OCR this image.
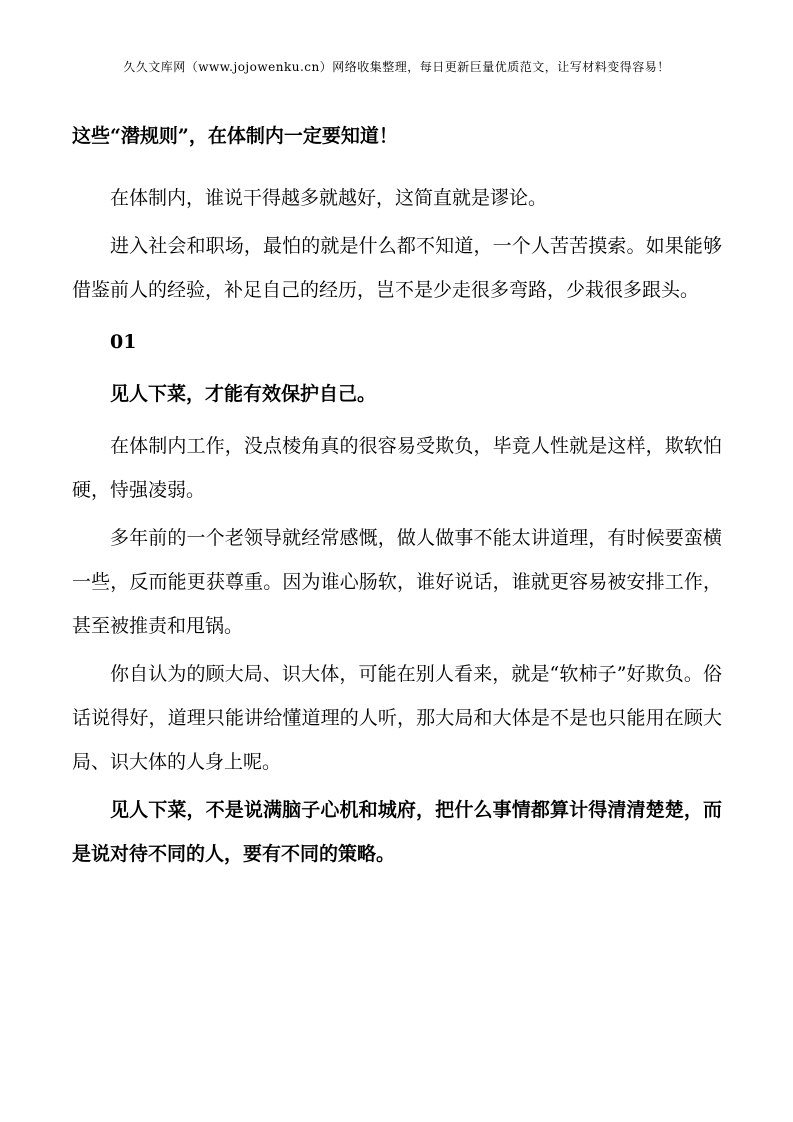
久久文库网（www.jojowenku.cn）网络收集整理，每日更新巨量优质范文，让写材料变得容易！
这些“潜规则”，在体制内一定要知道！

在体制内，谁说干得越多就越好，这简直就是谬论。

进入社会和职场，最怕的就是什么都不知道，一个人苦苦摸索。如果能够借鉴前人的经验，补足自己的经历，岂不是少走很多弯路，少栽很多跟头。

01
见人下菜，才能有效保护自己。

在体制内工作，没点棱角真的很容易受欺负，毕竟人性就是这样，欺软怕硬，恃强凌弱。

多年前的一个老领导就经常感慨，做人做事不能太讲道理，有时候要蛮横一些，反而能更获尊重。因为谁心肠软，谁好说话，谁就更容易被安排工作，甚至被推责和甩锅。

你自认为的顾大局、识大体，可能在别人看来，就是“软柿子”好欺负。俗话说得好，道理只能讲给懂道理的人听，那大局和大体是不是也只能用在顾大局、识大体的人身上呢。

见人下菜，不是说满脑子心机和城府，把什么事情都算计得清清楚楚，而是说对待不同的人，要有不同的策略。
